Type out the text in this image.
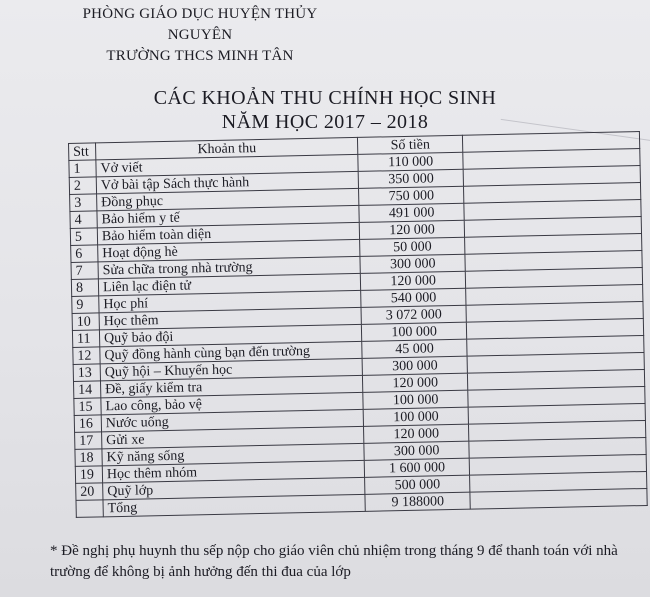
PHÒNG GIÁO DỤC HUYỆN THỦY NGUYÊN
TRƯỜNG THCS MINH TÂN
CÁC KHOẢN THU CHÍNH HỌC SINH
NĂM HỌC 2017 – 2018
Stt	Khoản thu	Số tiền	
1	Vở viết	110 000	
2	Vở bài tập Sách thực hành	350 000	
3	Đồng phục	750 000	
4	Bảo hiểm y tế	491 000	
5	Bảo hiểm toàn diện	120 000	
6	Hoạt động hè	50 000	
7	Sửa chữa trong nhà trường	300 000	
8	Liên lạc điện tử	120 000	
9	Học phí	540 000	
10	Học thêm	3 072 000	
11	Quỹ bảo đội	100 000	
12	Quỹ đồng hành cùng bạn đến trường	45 000	
13	Quỹ hội – Khuyến học	300 000	
14	Đề, giấy kiểm tra	120 000	
15	Lao công, bảo vệ	100 000	
16	Nước uống	100 000	
17	Gửi xe	120 000	
18	Kỹ năng sống	300 000	
19	Học thêm nhóm	1 600 000	
20	Quỹ lớp	500 000	
	Tổng	9 188000	
* Đề nghị phụ huynh thu sếp nộp cho giáo viên chủ nhiệm trong tháng 9 để thanh toán với nhà trường để không bị ảnh hưởng đến thi đua của lớp
